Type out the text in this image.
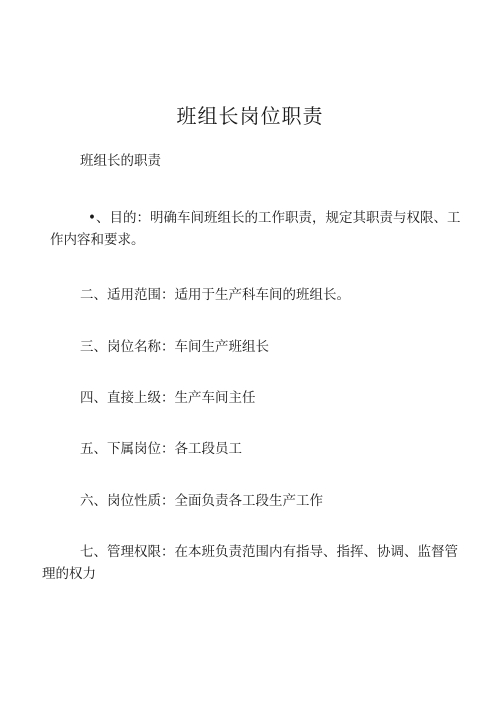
班组长岗位职责

班组长的职责

•、目的：明确车间班组长的工作职责，规定其职责与权限、工
作内容和要求。

二、适用范围：适用于生产科车间的班组长。

三、岗位名称：车间生产班组长

四、直接上级：生产车间主任

五、下属岗位：各工段员工

六、岗位性质：全面负责各工段生产工作

七、管理权限：在本班负责范围内有指导、指挥、协调、监督管
理的权力
